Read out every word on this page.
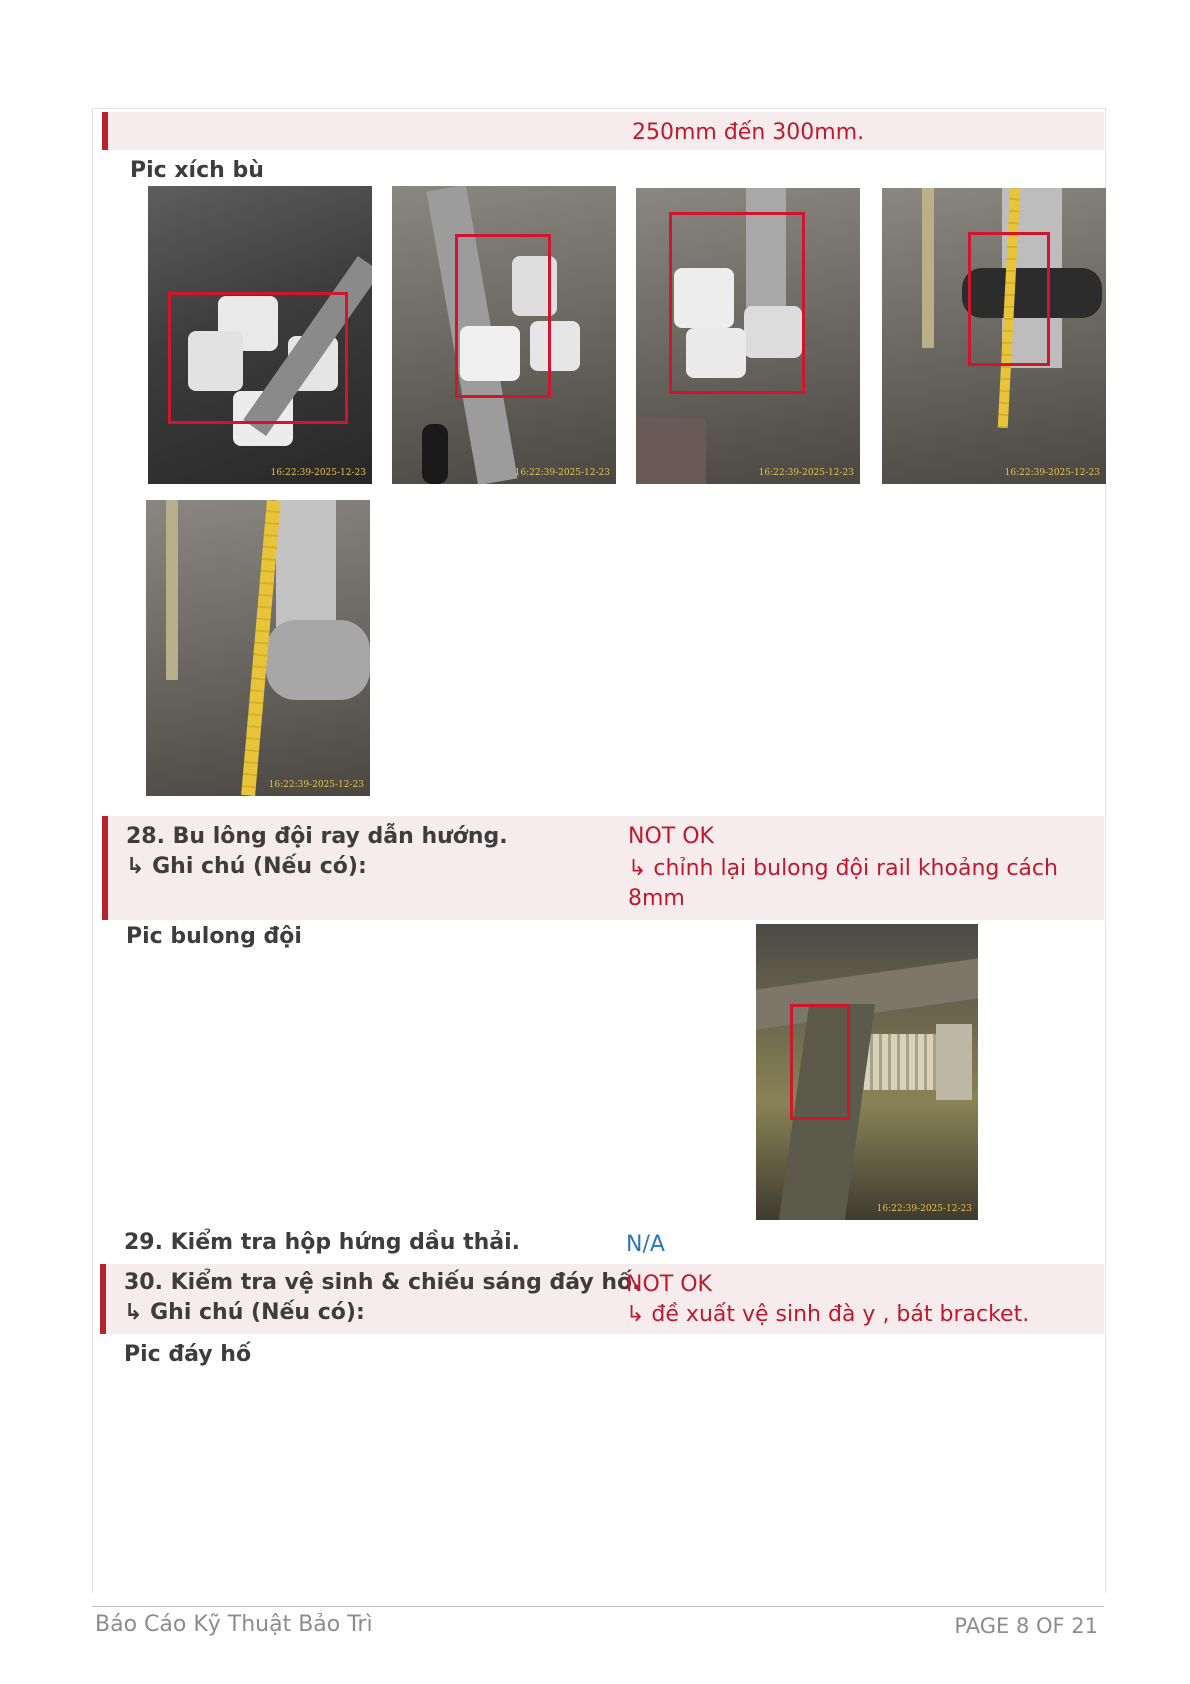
250mm đến 300mm.
Pic xích bù
16:22:39-2025-12-23	16:22:39-2025-12-23	16:22:39-2025-12-23	16:22:39-2025-12-23
16:22:39-2025-12-23
28. Bu lông đội ray dẫn hướng.
↳ Ghi chú (Nếu có):
NOT OK
↳ chỉnh lại bulong đội rail khoảng cách
8mm
Pic bulong đội
16:22:39-2025-12-23
29. Kiểm tra hộp hứng dầu thải.	N/A
30. Kiểm tra vệ sinh & chiếu sáng đáy hố.
↳ Ghi chú (Nếu có):
NOT OK
↳ đề xuất vệ sinh đà y , bát bracket.
Pic đáy hố
Báo Cáo Kỹ Thuật Bảo Trì	PAGE 8 OF 21
